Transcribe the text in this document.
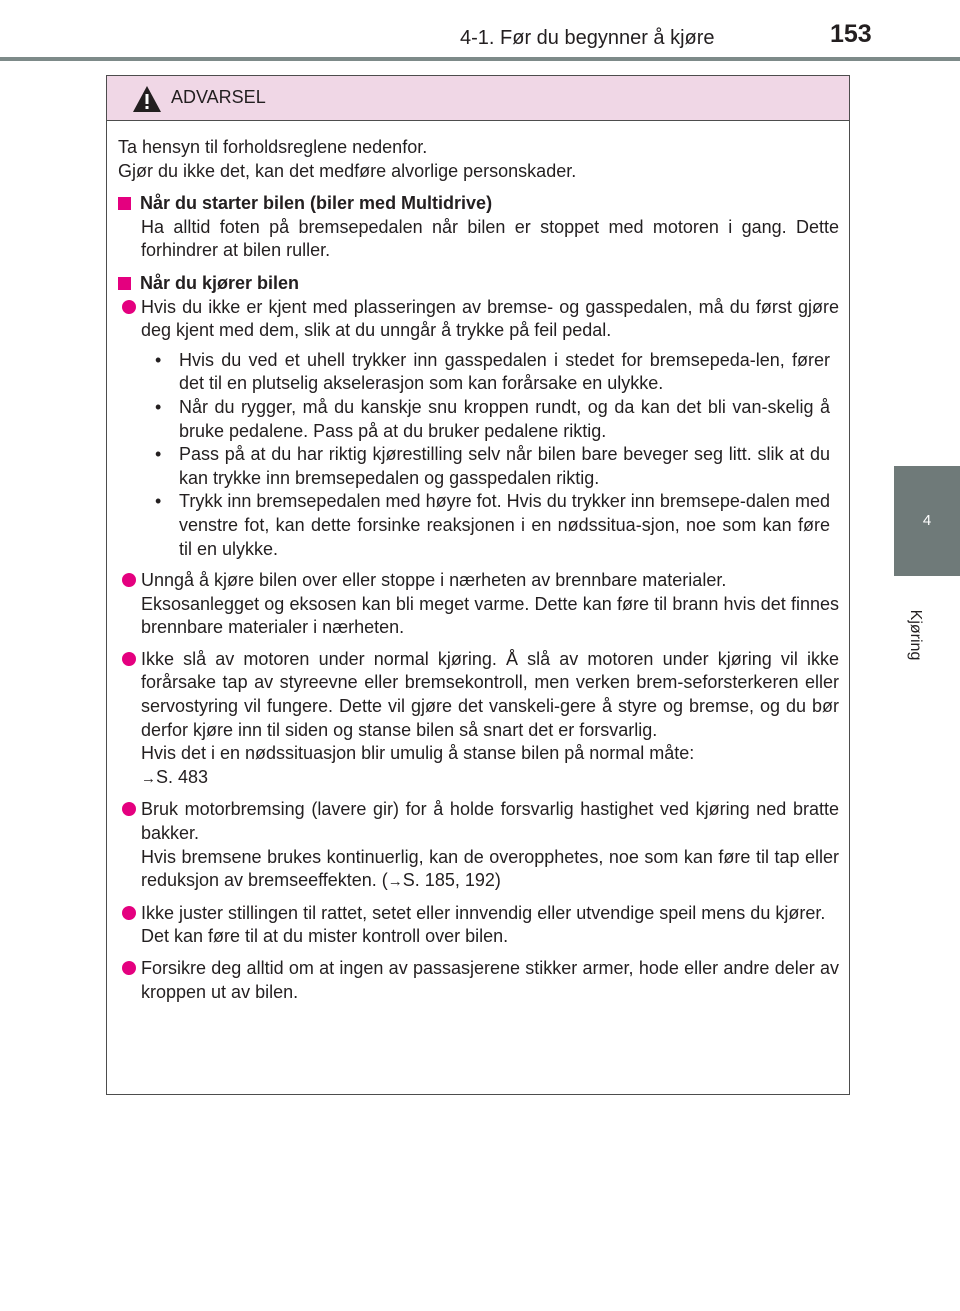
4-1. Før du begynner å kjøre	153
4
Kjøring
ADVARSEL

Ta hensyn til forholdsreglene nedenfor.

Gjør du ikke det, kan det medføre alvorlige personskader.

Når du starter bilen (biler med Multidrive)

Ha alltid foten på bremsepedalen når bilen er stoppet med motoren i gang. Dette forhindrer at bilen ruller.

Når du kjører bilen

Hvis du ikke er kjent med plasseringen av bremse- og gasspedalen, må du først gjøre deg kjent med dem, slik at du unngår å trykke på feil pedal.

• Hvis du ved et uhell trykker inn gasspedalen i stedet for bremsepeda-len, fører det til en plutselig akselerasjon som kan forårsake en ulykke.

• Når du rygger, må du kanskje snu kroppen rundt, og da kan det bli van-skelig å bruke pedalene. Pass på at du bruker pedalene riktig.

• Pass på at du har riktig kjørestilling selv når bilen bare beveger seg litt. slik at du kan trykke inn bremsepedalen og gasspedalen riktig.

• Trykk inn bremsepedalen med høyre fot. Hvis du trykker inn bremsepe-dalen med venstre fot, kan dette forsinke reaksjonen i en nødssitua-sjon, noe som kan føre til en ulykke.

Unngå å kjøre bilen over eller stoppe i nærheten av brennbare materialer.

Eksosanlegget og eksosen kan bli meget varme. Dette kan føre til brann hvis det finnes brennbare materialer i nærheten.

Ikke slå av motoren under normal kjøring. Å slå av motoren under kjøring vil ikke forårsake tap av styreevne eller bremsekontroll, men verken brem-seforsterkeren eller servostyring vil fungere. Dette vil gjøre det vanskeli-gere å styre og bremse, og du bør derfor kjøre inn til siden og stanse bilen så snart det er forsvarlig.

Hvis det i en nødssituasjon blir umulig å stanse bilen på normal måte:

→S. 483

Bruk motorbremsing (lavere gir) for å holde forsvarlig hastighet ved kjøring ned bratte bakker.

Hvis bremsene brukes kontinuerlig, kan de overopphetes, noe som kan føre til tap eller reduksjon av bremseeffekten. (→S. 185, 192)

Ikke juster stillingen til rattet, setet eller innvendig eller utvendige speil mens du kjører.

Det kan føre til at du mister kontroll over bilen.

Forsikre deg alltid om at ingen av passasjerene stikker armer, hode eller andre deler av kroppen ut av bilen.
